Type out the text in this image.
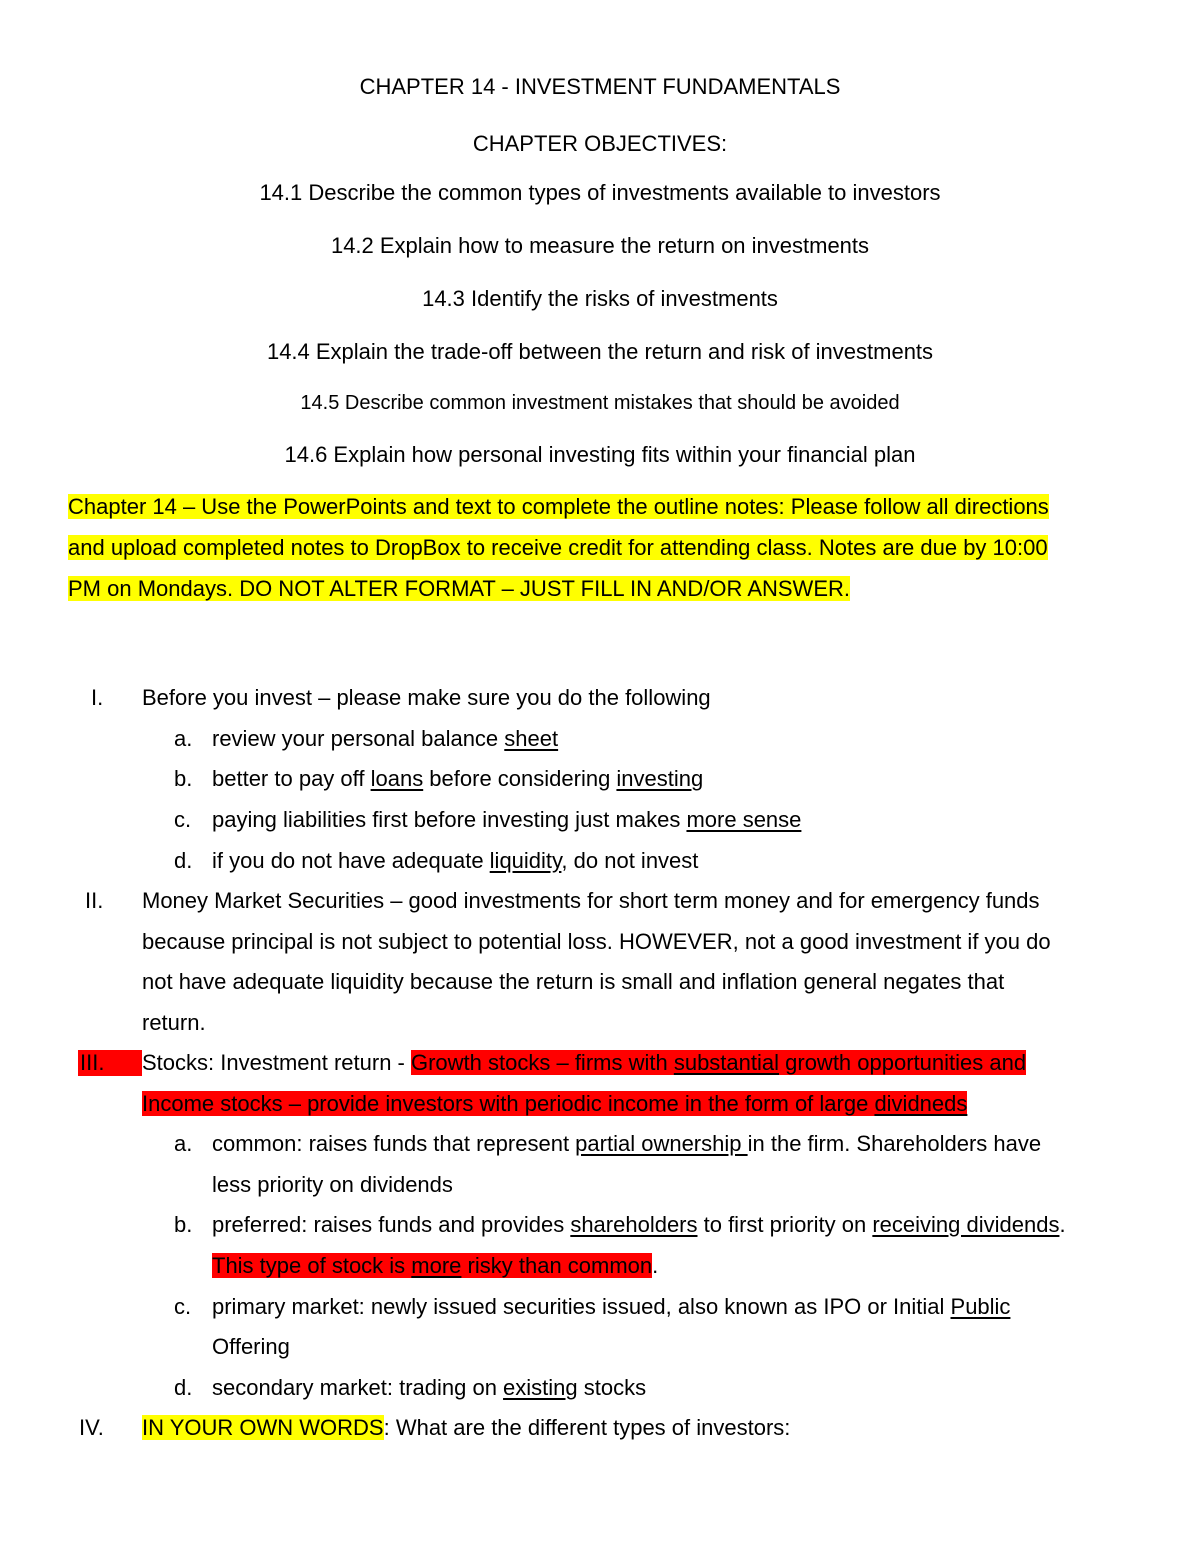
CHAPTER 14 - INVESTMENT FUNDAMENTALS
CHAPTER OBJECTIVES:
14.1 Describe the common types of investments available to investors
14.2 Explain how to measure the return on investments
14.3 Identify the risks of investments
14.4 Explain the trade-off between the return and risk of investments
14.5 Describe common investment mistakes that should be avoided
14.6 Explain how personal investing fits within your financial plan
Chapter 14 – Use the PowerPoints and text to complete the outline notes: Please follow all directions
and upload completed notes to DropBox to receive credit for attending class. Notes are due by 10:00
PM on Mondays. DO NOT ALTER FORMAT – JUST FILL IN AND/OR ANSWER.
I. Before you invest – please make sure you do the following
a. review your personal balance sheet
b. better to pay off loans before considering investing
c. paying liabilities first before investing just makes more sense
d. if you do not have adequate liquidity, do not invest
II. Money Market Securities – good investments for short term money and for emergency funds
because principal is not subject to potential loss. HOWEVER, not a good investment if you do
not have adequate liquidity because the return is small and inflation general negates that
return.
III.	Stocks: Investment return - Growth stocks – firms with substantial growth opportunities and
Income stocks – provide investors with periodic income in the form of large dividneds
a. common: raises funds that represent partial ownership in the firm. Shareholders have
less priority on dividends
b. preferred: raises funds and provides shareholders to first priority on receiving dividends.
This type of stock is more risky than common.
c. primary market: newly issued securities issued, also known as IPO or Initial Public
Offering
d. secondary market: trading on existing stocks
IV. IN YOUR OWN WORDS: What are the different types of investors:
